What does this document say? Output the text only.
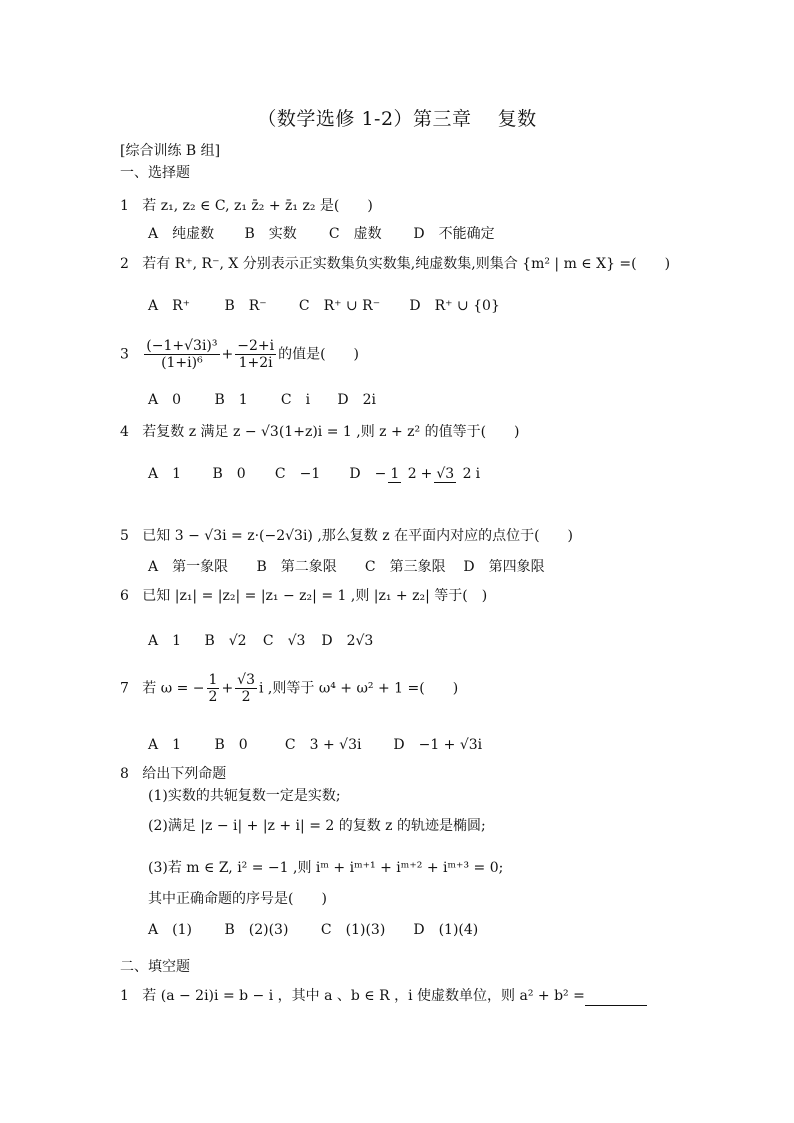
（数学选修 1-2）第三章　 复数
[综合训练 B 组]
一、选择题
1 若 z₁, z₂ ∈ C, z₁ z̄₂ + z̄₁ z₂ 是(　　)
A　纯虚数 B　实数 C　虚数 D　不能确定
2 若有 R⁺, R⁻, X 分别表示正实数集负实数集,纯虚数集,则集合 {m² | m ∈ X} =(　　)
A　R⁺ B　R⁻ C　R⁺ ∪ R⁻ D　R⁺ ∪ {0}
$3 \frac{\text{(−1+√3i)³}}{\text{(1+i)⁶}} + \frac{-2+i}{1+2i}$ 的值是(　　)
A　0 B　1 C　i D　2i
4 若复数 z 满足 z − √3(1+z)i = 1 ,则 z + z² 的值等于(　　)
A　1 B　0 C　−1 D　− 1 2 + √3 2 i
5 已知 3 − √3i = z·(−2√3i) ,那么复数 z 在平面内对应的点位于(　　)
A　第一象限 B　第二象限 C　第三象限 D　第四象限
6 已知 |z₁| = |z₂| = |z₁ − z₂| = 1 ,则 |z₁ + z₂| 等于(　)
A　1 B　√2 C　√3 D　2√3
7 若 ω = − $\frac{1}{2} + \frac{√3}{2}$ i ,则等于 ω⁴ + ω² + 1 =(　　)
A　1 B　0	C　3 + √3i D　−1 + √3i
8 给出下列命题
(1)实数的共轭复数一定是实数;
(2)满足 |z − i| + |z + i| = 2 的复数 z 的轨迹是椭圆;
(3)若 m ∈ Z, i² = −1 ,则 iᵐ + iᵐ⁺¹ + iᵐ⁺² + iᵐ⁺³ = 0;
其中正确命题的序号是(　　)
A　(1) B　(2)(3) C　(1)(3) D　(1)(4)
二、填空题
1 若 (a − 2i)i = b − i ，其中 a 、b ∈ R ，i 使虚数单位，则 a² + b² =
